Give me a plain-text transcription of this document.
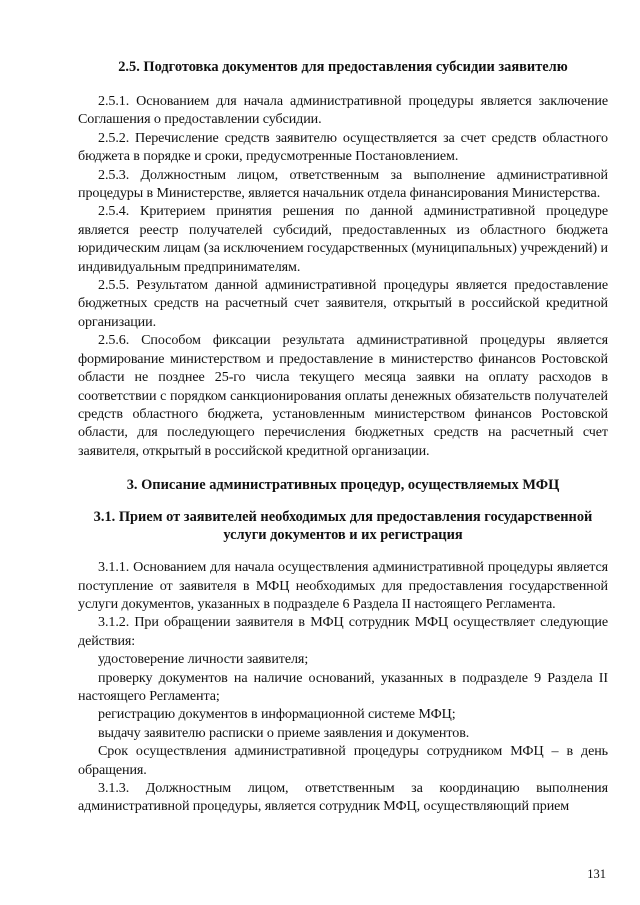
2.5. Подготовка документов для предоставления субсидии заявителю

2.5.1. Основанием для начала административной процедуры является заключение Соглашения о предоставлении субсидии.

2.5.2. Перечисление средств заявителю осуществляется за счет средств областного бюджета в порядке и сроки, предусмотренные Постановлением.

2.5.3. Должностным лицом, ответственным за выполнение административной процедуры в Министерстве, является начальник отдела финансирования Министерства.

2.5.4. Критерием принятия решения по данной административной процедуре является реестр получателей субсидий, предоставленных из областного бюджета юридическим лицам (за исключением государственных (муниципальных) учреждений) и индивидуальным предпринимателям.

2.5.5. Результатом данной административной процедуры является предоставление бюджетных средств на расчетный счет заявителя, открытый в российской кредитной организации.

2.5.6. Способом фиксации результата административной процедуры является формирование министерством и предоставление в министерство финансов Ростовской области не позднее 25-го числа текущего месяца заявки на оплату расходов в соответствии с порядком санкционирования оплаты денежных обязательств получателей средств областного бюджета, установленным министерством финансов Ростовской области, для последующего перечисления бюджетных средств на расчетный счет заявителя, открытый в российской кредитной организации.

3. Описание административных процедур, осуществляемых МФЦ

3.1. Прием от заявителей необходимых для предоставления государственной услуги документов и их регистрация

3.1.1. Основанием для начала осуществления административной процедуры является поступление от заявителя в МФЦ необходимых для предоставления государственной услуги документов, указанных в подразделе 6 Раздела II настоящего Регламента.

3.1.2. При обращении заявителя в МФЦ сотрудник МФЦ осуществляет следующие действия:

удостоверение личности заявителя;

проверку документов на наличие оснований, указанных в подразделе 9 Раздела II настоящего Регламента;

регистрацию документов в информационной системе МФЦ;

выдачу заявителю расписки о приеме заявления и документов.

Срок осуществления административной процедуры сотрудником МФЦ – в день обращения.

3.1.3. Должностным лицом, ответственным за координацию выполнения административной процедуры, является сотрудник МФЦ, осуществляющий прием

131
